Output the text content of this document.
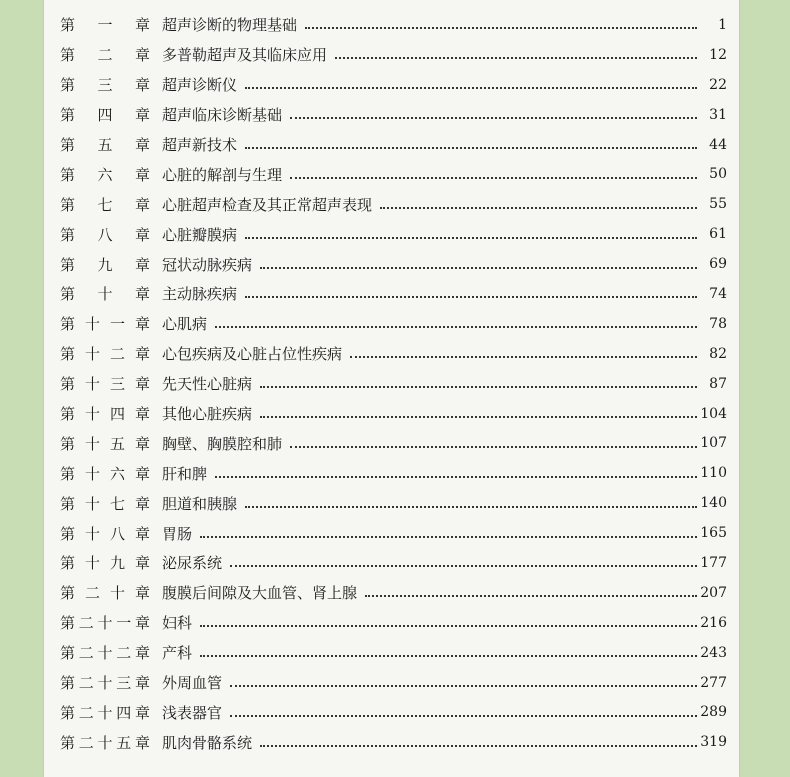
第 一 章 超声诊断的物理基础	1
第 二 章 多普勒超声及其临床应用	12
第 三 章 超声诊断仪	22
第 四 章 超声临床诊断基础	31
第 五 章 超声新技术	44
第 六 章 心脏的解剖与生理	50
第 七 章 心脏超声检查及其正常超声表现	55
第 八 章 心脏瓣膜病	61
第 九 章 冠状动脉疾病	69
第 十 章 主动脉疾病	74
第 十 一 章 心肌病	78
第 十 二 章 心包疾病及心脏占位性疾病	82
第 十 三 章 先天性心脏病	87
第 十 四 章 其他心脏疾病	104
第 十 五 章 胸壁、胸膜腔和肺	107
第 十 六 章 肝和脾	110
第 十 七 章 胆道和胰腺	140
第 十 八 章 胃肠	165
第 十 九 章 泌尿系统	177
第 二 十 章 腹膜后间隙及大血管、肾上腺	207
第 二 十 一 章 妇科	216
第 二 十 二 章 产科	243
第 二 十 三 章 外周血管	277
第 二 十 四 章 浅表器官	289
第 二 十 五 章 肌肉骨骼系统	319
